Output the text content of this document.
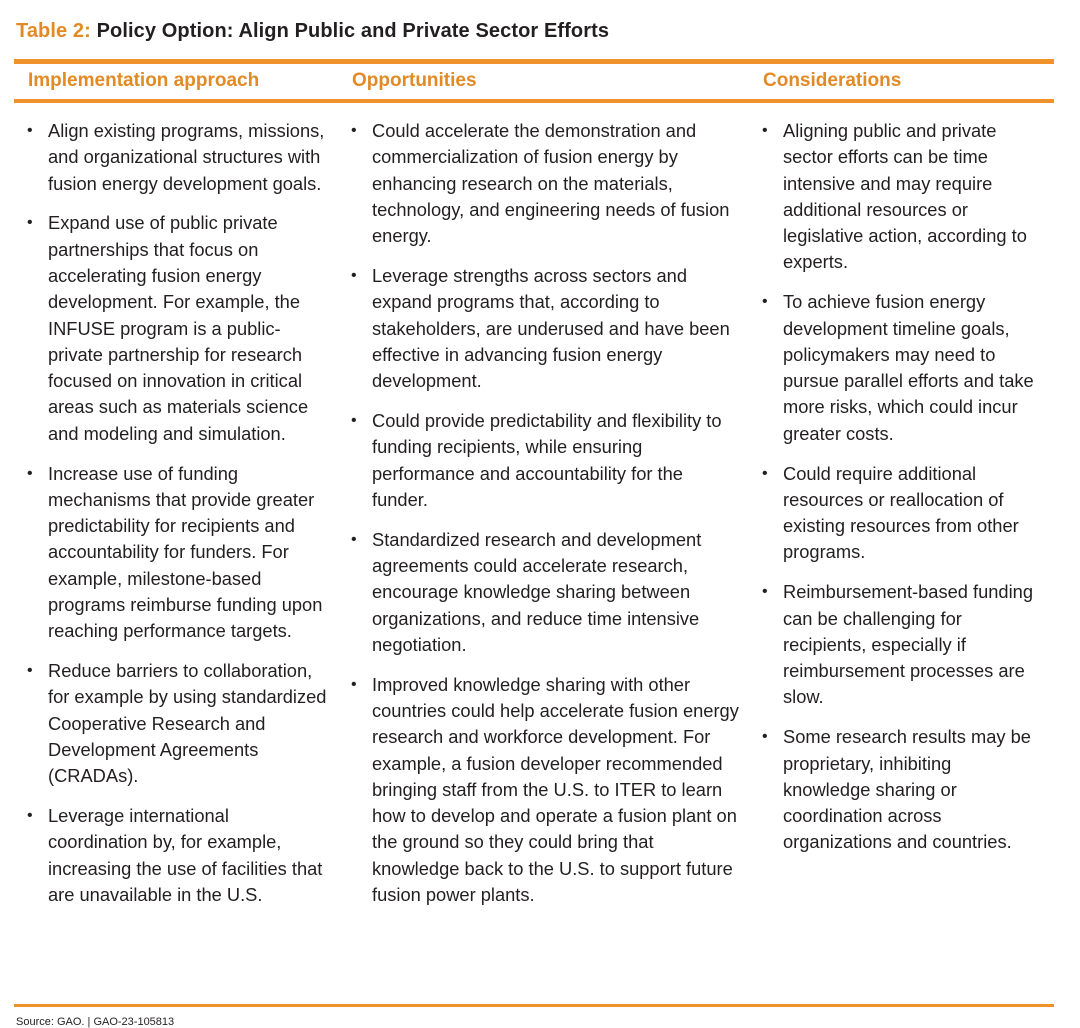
Table 2: Policy Option: Align Public and Private Sector Efforts
Implementation approach	Opportunities	Considerations
• Align existing programs, missions, and organizational structures with fusion energy development goals.
• Expand use of public private partnerships that focus on accelerating fusion energy development. For example, the INFUSE program is a public-private partnership for research focused on innovation in critical areas such as materials science and modeling and simulation.
• Increase use of funding mechanisms that provide greater predictability for recipients and accountability for funders. For example, milestone-based programs reimburse funding upon reaching performance targets.
• Reduce barriers to collaboration, for example by using standardized Cooperative Research and Development Agreements (CRADAs).
• Leverage international coordination by, for example, increasing the use of facilities that are unavailable in the U.S.
• Could accelerate the demonstration and commercialization of fusion energy by enhancing research on the materials, technology, and engineering needs of fusion energy.
• Leverage strengths across sectors and expand programs that, according to stakeholders, are underused and have been effective in advancing fusion energy development.
• Could provide predictability and flexibility to funding recipients, while ensuring performance and accountability for the funder.
• Standardized research and development agreements could accelerate research, encourage knowledge sharing between organizations, and reduce time intensive negotiation.
• Improved knowledge sharing with other countries could help accelerate fusion energy research and workforce development. For example, a fusion developer recommended bringing staff from the U.S. to ITER to learn how to develop and operate a fusion plant on the ground so they could bring that knowledge back to the U.S. to support future fusion power plants.
• Aligning public and private sector efforts can be time intensive and may require additional resources or legislative action, according to experts.
• To achieve fusion energy development timeline goals, policymakers may need to pursue parallel efforts and take more risks, which could incur greater costs.
• Could require additional resources or reallocation of existing resources from other programs.
• Reimbursement-based funding can be challenging for recipients, especially if reimbursement processes are slow.
• Some research results may be proprietary, inhibiting knowledge sharing or coordination across organizations and countries.
Source: GAO. | GAO-23-105813
